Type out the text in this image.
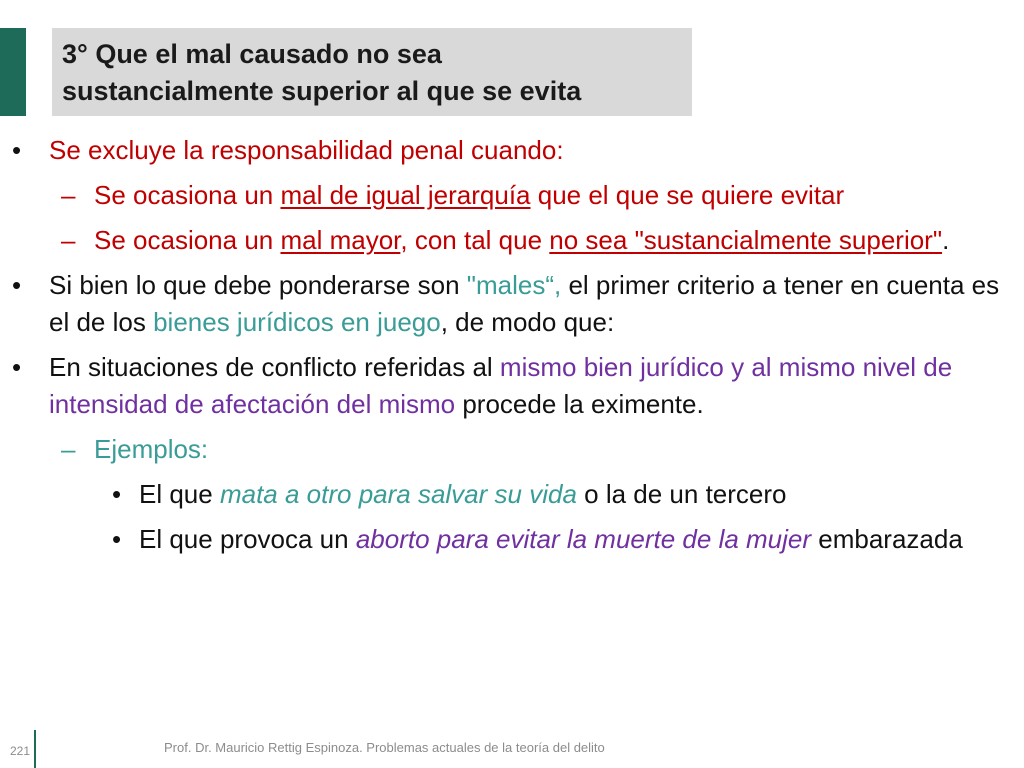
3° Que el mal causado no sea
sustancialmente superior al que se evita
• Se excluye la responsabilidad penal cuando:
– Se ocasiona un mal de igual jerarquía que el que se quiere evitar
– Se ocasiona un mal mayor, con tal que no sea "sustancialmente superior".
• Si bien lo que debe ponderarse son "males“, el primer criterio a tener en cuenta es el de los bienes jurídicos en juego, de modo que:
• En situaciones de conflicto referidas al mismo bien jurídico y al mismo nivel de intensidad de afectación del mismo procede la eximente.
– Ejemplos:
• El que mata a otro para salvar su vida o la de un tercero
• El que provoca un aborto para evitar la muerte de la mujer embarazada
221	Prof. Dr. Mauricio Rettig Espinoza. Problemas actuales de la teoría del delito
